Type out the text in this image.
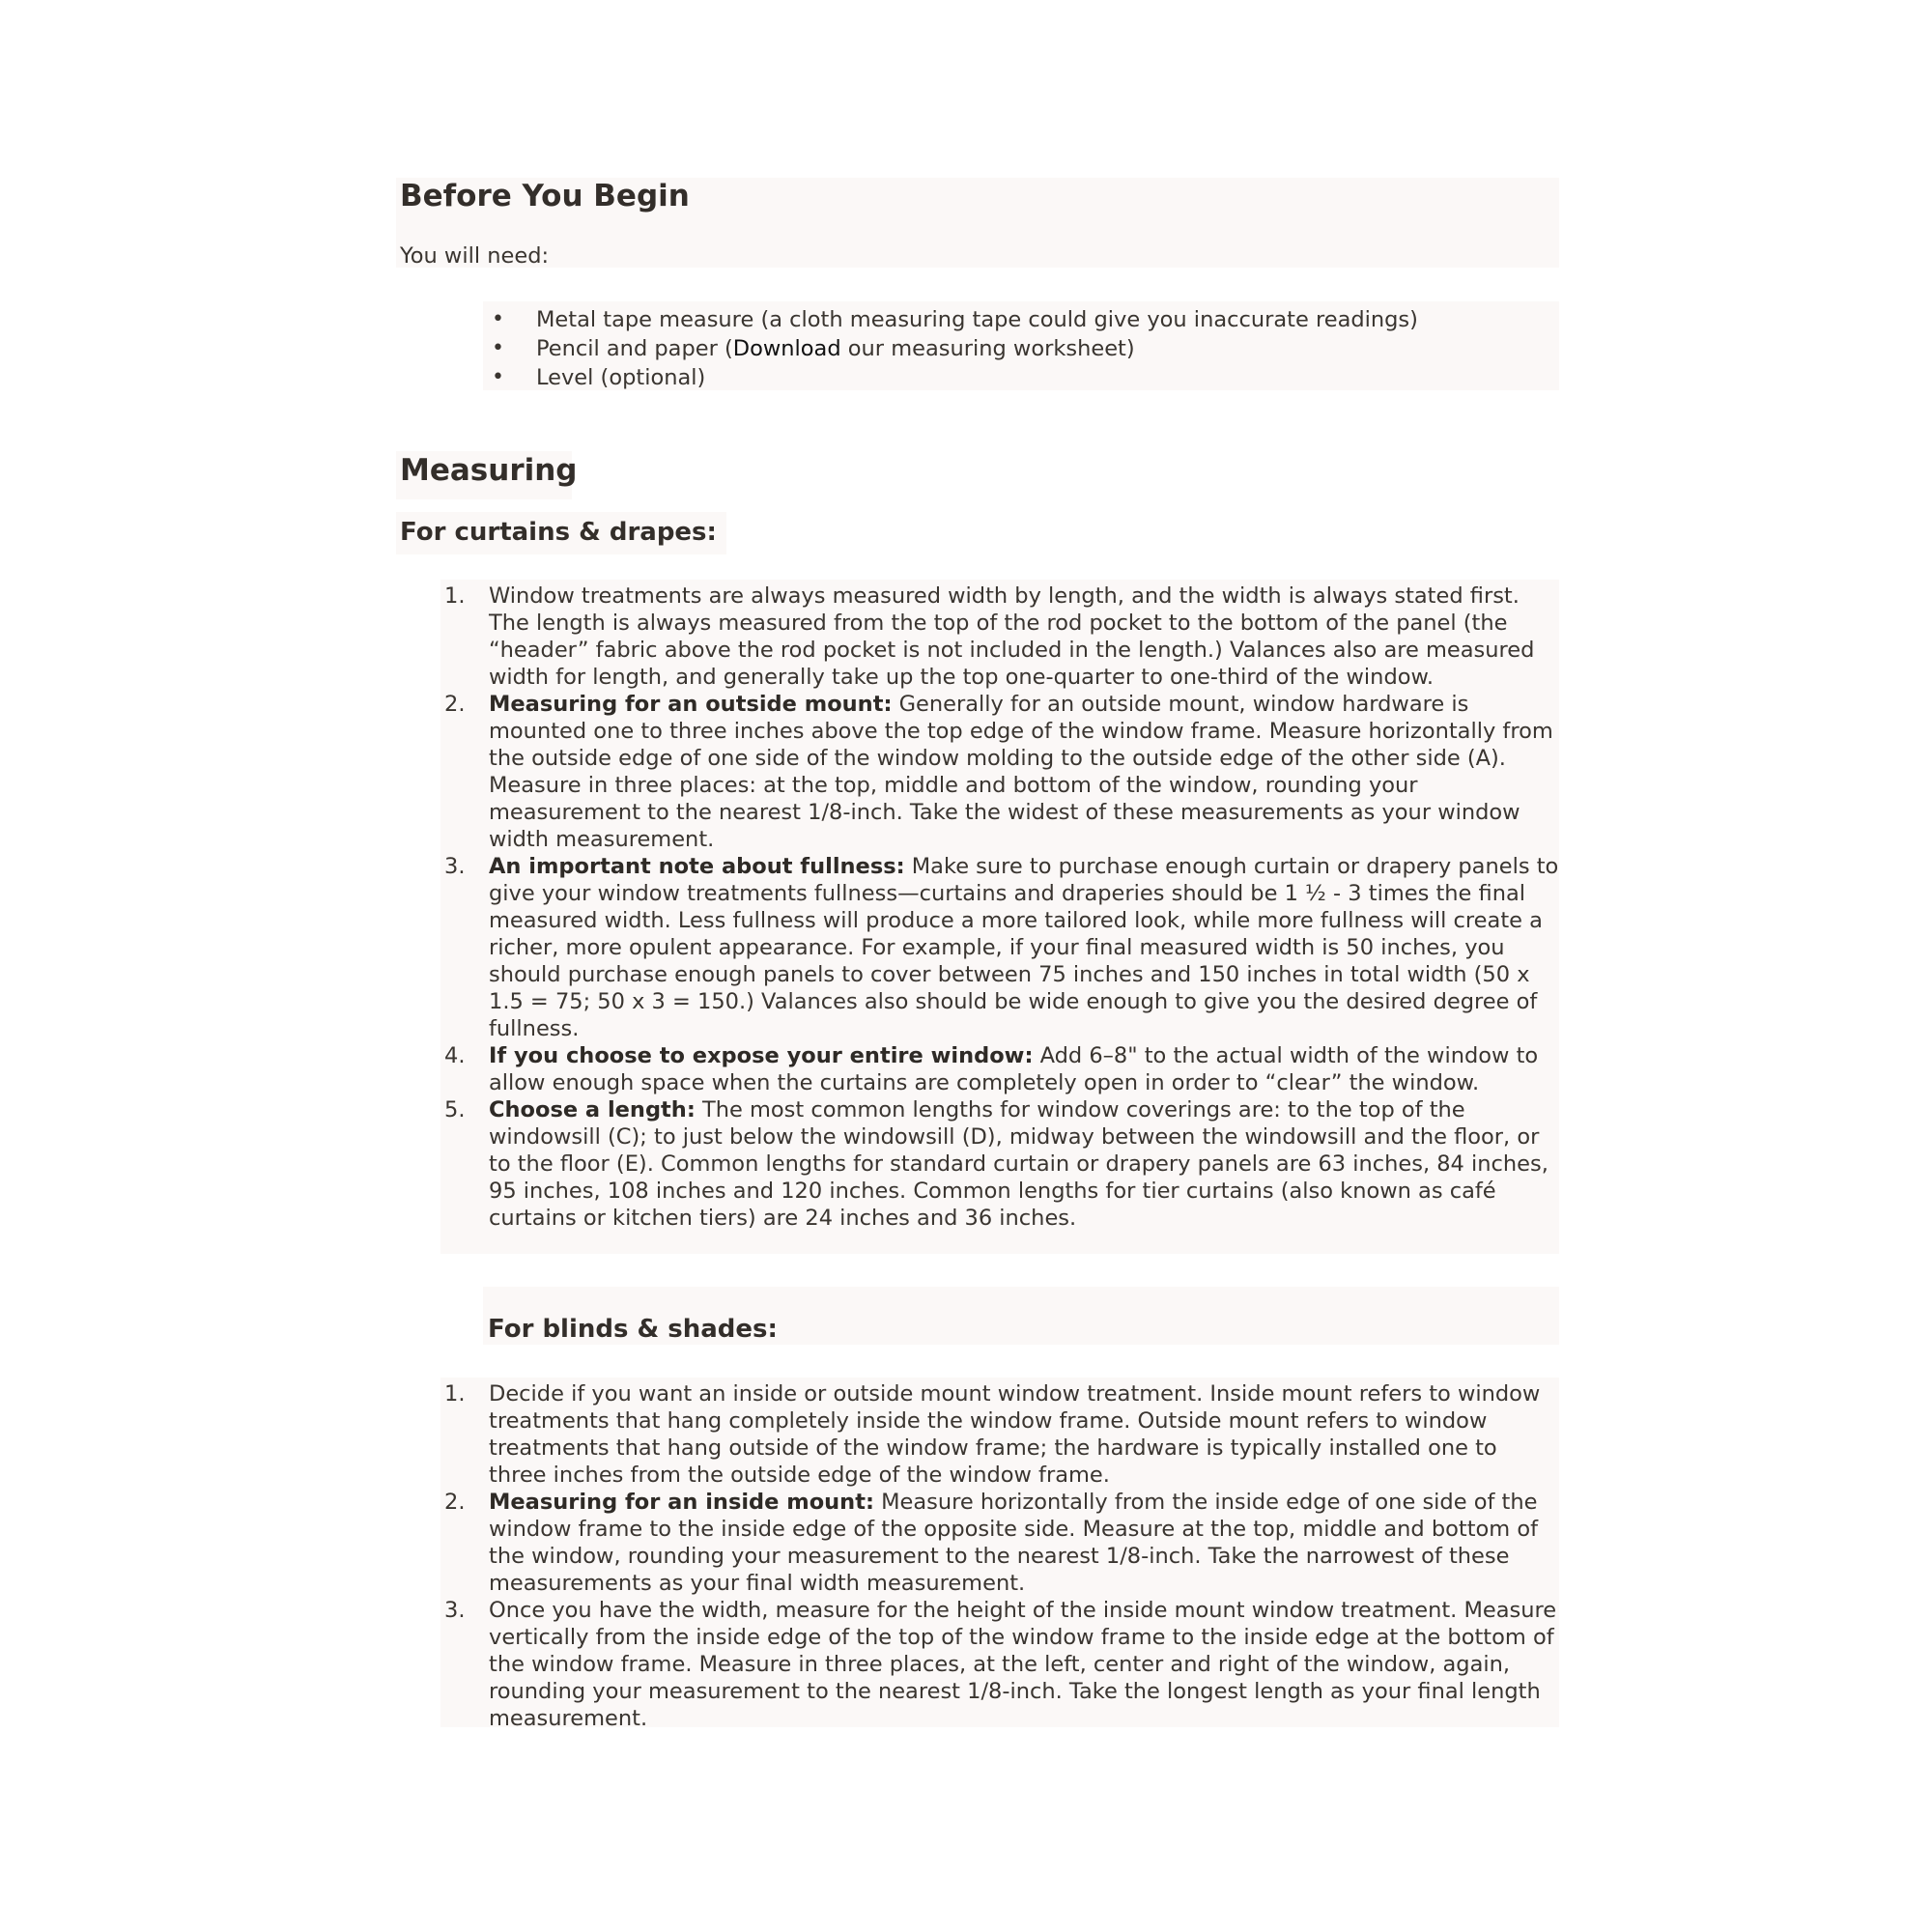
Before You Begin

You will need:

• Metal tape measure (a cloth measuring tape could give you inaccurate readings)
• Pencil and paper (Download our measuring worksheet)
• Level (optional)
Measuring
For curtains & drapes:
1. Window treatments are always measured width by length, and the width is always stated first. The length is always measured from the top of the rod pocket to the bottom of the panel (the “header” fabric above the rod pocket is not included in the length.) Valances also are measured width for length, and generally take up the top one-quarter to one-third of the window.
2. Measuring for an outside mount: Generally for an outside mount, window hardware is mounted one to three inches above the top edge of the window frame. Measure horizontally from the outside edge of one side of the window molding to the outside edge of the other side (A). Measure in three places: at the top, middle and bottom of the window, rounding your measurement to the nearest 1/8-inch. Take the widest of these measurements as your window width measurement.
3. An important note about fullness: Make sure to purchase enough curtain or drapery panels to give your window treatments fullness—curtains and draperies should be 1 ½ - 3 times the final measured width. Less fullness will produce a more tailored look, while more fullness will create a richer, more opulent appearance. For example, if your final measured width is 50 inches, you should purchase enough panels to cover between 75 inches and 150 inches in total width (50 x 1.5 = 75; 50 x 3 = 150.) Valances also should be wide enough to give you the desired degree of fullness.
4. If you choose to expose your entire window: Add 6–8" to the actual width of the window to allow enough space when the curtains are completely open in order to “clear” the window.
5. Choose a length: The most common lengths for window coverings are: to the top of the windowsill (C); to just below the windowsill (D), midway between the windowsill and the floor, or to the floor (E). Common lengths for standard curtain or drapery panels are 63 inches, 84 inches, 95 inches, 108 inches and 120 inches. Common lengths for tier curtains (also known as café curtains or kitchen tiers) are 24 inches and 36 inches.
For blinds & shades:
1. Decide if you want an inside or outside mount window treatment. Inside mount refers to window treatments that hang completely inside the window frame. Outside mount refers to window treatments that hang outside of the window frame; the hardware is typically installed one to three inches from the outside edge of the window frame.
2. Measuring for an inside mount: Measure horizontally from the inside edge of one side of the window frame to the inside edge of the opposite side. Measure at the top, middle and bottom of the window, rounding your measurement to the nearest 1/8-inch. Take the narrowest of these measurements as your final width measurement.
3. Once you have the width, measure for the height of the inside mount window treatment. Measure vertically from the inside edge of the top of the window frame to the inside edge at the bottom of the window frame. Measure in three places, at the left, center and right of the window, again, rounding your measurement to the nearest 1/8-inch. Take the longest length as your final length measurement.
